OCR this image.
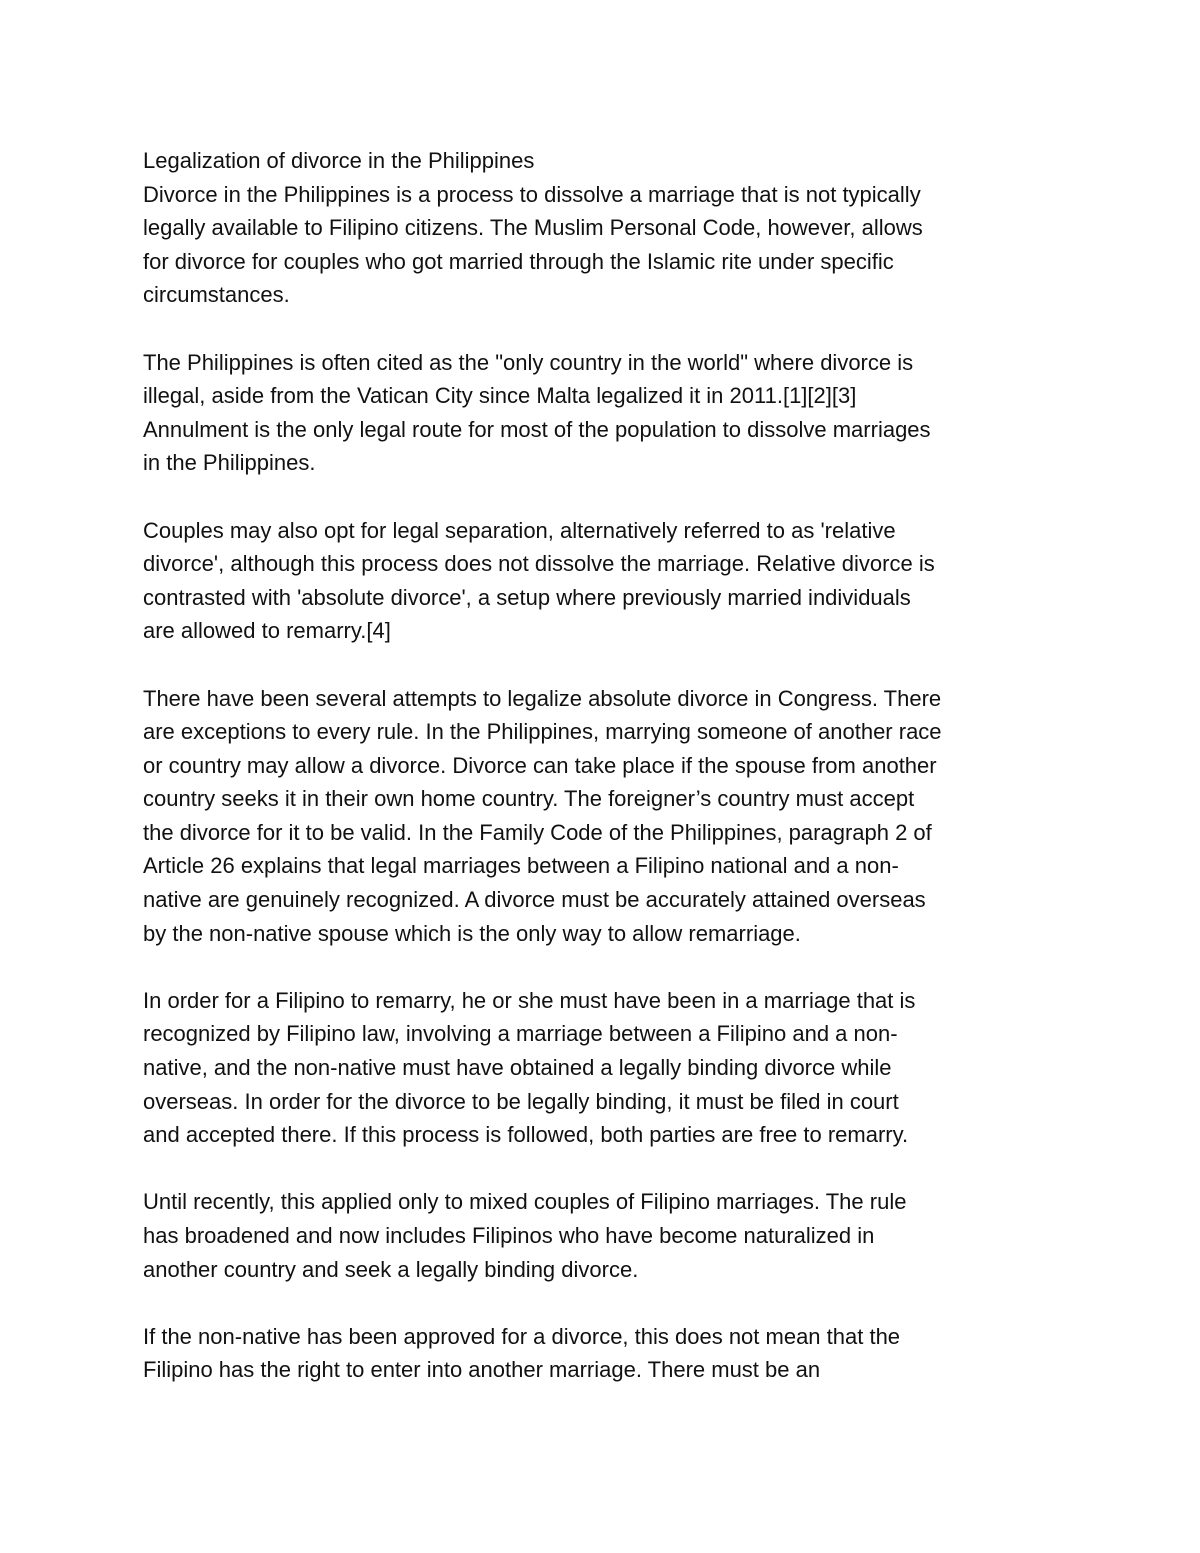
Legalization of divorce in the Philippines

Divorce in the Philippines is a process to dissolve a marriage that is not typically
legally available to Filipino citizens. The Muslim Personal Code, however, allows
for divorce for couples who got married through the Islamic rite under specific
circumstances.

The Philippines is often cited as the "only country in the world" where divorce is
illegal, aside from the Vatican City since Malta legalized it in 2011.[1][2][3]
Annulment is the only legal route for most of the population to dissolve marriages
in the Philippines.

Couples may also opt for legal separation, alternatively referred to as 'relative
divorce', although this process does not dissolve the marriage. Relative divorce is
contrasted with 'absolute divorce', a setup where previously married individuals
are allowed to remarry.[4]

There have been several attempts to legalize absolute divorce in Congress. There
are exceptions to every rule. In the Philippines, marrying someone of another race
or country may allow a divorce. Divorce can take place if the spouse from another
country seeks it in their own home country. The foreigner’s country must accept
the divorce for it to be valid. In the Family Code of the Philippines, paragraph 2 of
Article 26 explains that legal marriages between a Filipino national and a non-
native are genuinely recognized. A divorce must be accurately attained overseas
by the non-native spouse which is the only way to allow remarriage.

In order for a Filipino to remarry, he or she must have been in a marriage that is
recognized by Filipino law, involving a marriage between a Filipino and a non-
native, and the non-native must have obtained a legally binding divorce while
overseas. In order for the divorce to be legally binding, it must be filed in court
and accepted there. If this process is followed, both parties are free to remarry.

Until recently, this applied only to mixed couples of Filipino marriages. The rule
has broadened and now includes Filipinos who have become naturalized in
another country and seek a legally binding divorce.

If the non-native has been approved for a divorce, this does not mean that the
Filipino has the right to enter into another marriage. There must be an
